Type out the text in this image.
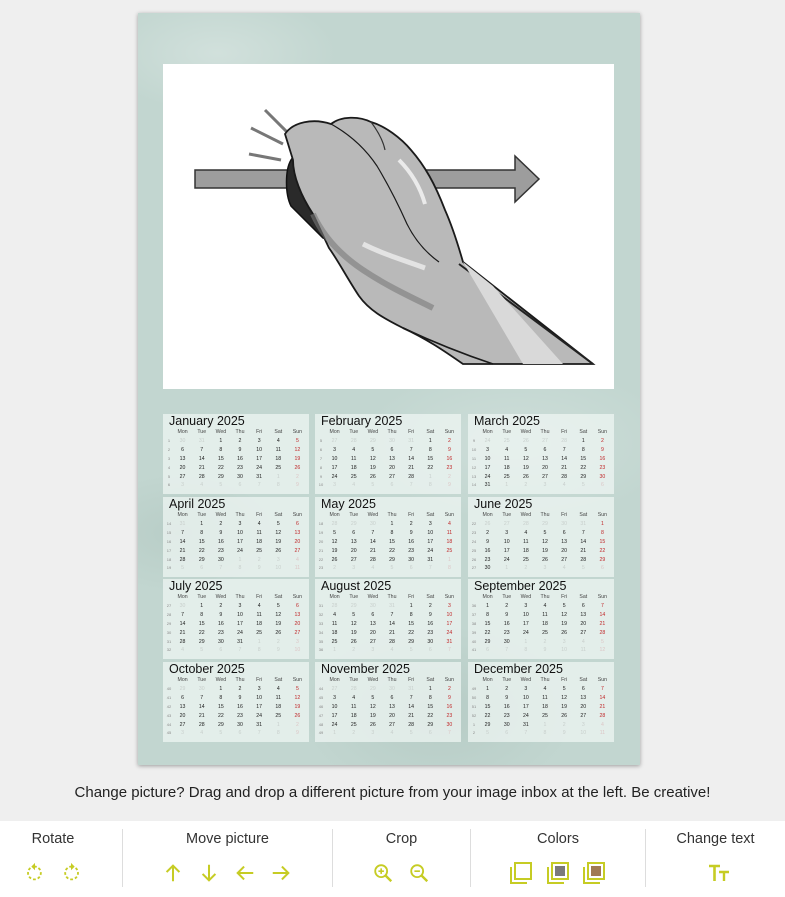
January 2025
	Mon	Tue	Wed	Thu	Fri	Sat	Sun
1	30	31	1	2	3	4	5
2	6	7	8	9	10	11	12
3	13	14	15	16	17	18	19
4	20	21	22	23	24	25	26
5	27	28	29	30	31	1	2
6	3	4	5	6	7	8	9
February 2025
	Mon	Tue	Wed	Thu	Fri	Sat	Sun
5	27	28	29	30	31	1	2
6	3	4	5	6	7	8	9
7	10	11	12	13	14	15	16
8	17	18	19	20	21	22	23
9	24	25	26	27	28	1	2
10	3	4	5	6	7	8	9
March 2025
	Mon	Tue	Wed	Thu	Fri	Sat	Sun
9	24	25	26	27	28	1	2
10	3	4	5	6	7	8	9
11	10	11	12	13	14	15	16
12	17	18	19	20	21	22	23
13	24	25	26	27	28	29	30
14	31	1	2	3	4	5	6
April 2025
	Mon	Tue	Wed	Thu	Fri	Sat	Sun
14	31	1	2	3	4	5	6
15	7	8	9	10	11	12	13
16	14	15	16	17	18	19	20
17	21	22	23	24	25	26	27
18	28	29	30	1	2	3	4
19	5	6	7	8	9	10	11
May 2025
	Mon	Tue	Wed	Thu	Fri	Sat	Sun
18	28	29	30	1	2	3	4
19	5	6	7	8	9	10	11
20	12	13	14	15	16	17	18
21	19	20	21	22	23	24	25
22	26	27	28	29	30	31	1
23	2	3	4	5	6	7	8
June 2025
	Mon	Tue	Wed	Thu	Fri	Sat	Sun
22	26	27	28	29	30	31	1
23	2	3	4	5	6	7	8
24	9	10	11	12	13	14	15
25	16	17	18	19	20	21	22
26	23	24	25	26	27	28	29
27	30	1	2	3	4	5	6
July 2025
	Mon	Tue	Wed	Thu	Fri	Sat	Sun
27	30	1	2	3	4	5	6
28	7	8	9	10	11	12	13
29	14	15	16	17	18	19	20
30	21	22	23	24	25	26	27
31	28	29	30	31	1	2	3
32	4	5	6	7	8	9	10
August 2025
	Mon	Tue	Wed	Thu	Fri	Sat	Sun
31	28	29	30	31	1	2	3
32	4	5	6	7	8	9	10
33	11	12	13	14	15	16	17
34	18	19	20	21	22	23	24
35	25	26	27	28	29	30	31
36	1	2	3	4	5	6	7
September 2025
	Mon	Tue	Wed	Thu	Fri	Sat	Sun
36	1	2	3	4	5	6	7
37	8	9	10	11	12	13	14
38	15	16	17	18	19	20	21
39	22	23	24	25	26	27	28
40	29	30	1	2	3	4	5
41	6	7	8	9	10	11	12
October 2025
	Mon	Tue	Wed	Thu	Fri	Sat	Sun
40	29	30	1	2	3	4	5
41	6	7	8	9	10	11	12
42	13	14	15	16	17	18	19
43	20	21	22	23	24	25	26
44	27	28	29	30	31	1	2
45	3	4	5	6	7	8	9
November 2025
	Mon	Tue	Wed	Thu	Fri	Sat	Sun
44	27	28	29	30	31	1	2
45	3	4	5	6	7	8	9
46	10	11	12	13	14	15	16
47	17	18	19	20	21	22	23
48	24	25	26	27	28	29	30
49	1	2	3	4	5	6	7
December 2025
	Mon	Tue	Wed	Thu	Fri	Sat	Sun
49	1	2	3	4	5	6	7
50	8	9	10	11	12	13	14
51	15	16	17	18	19	20	21
52	22	23	24	25	26	27	28
1	29	30	31	1	2	3	4
2	5	6	7	8	9	10	11
Change picture? Drag and drop a different picture from your image inbox at the left. Be creative!
Rotate	Move picture	Crop	Colors	Change text
